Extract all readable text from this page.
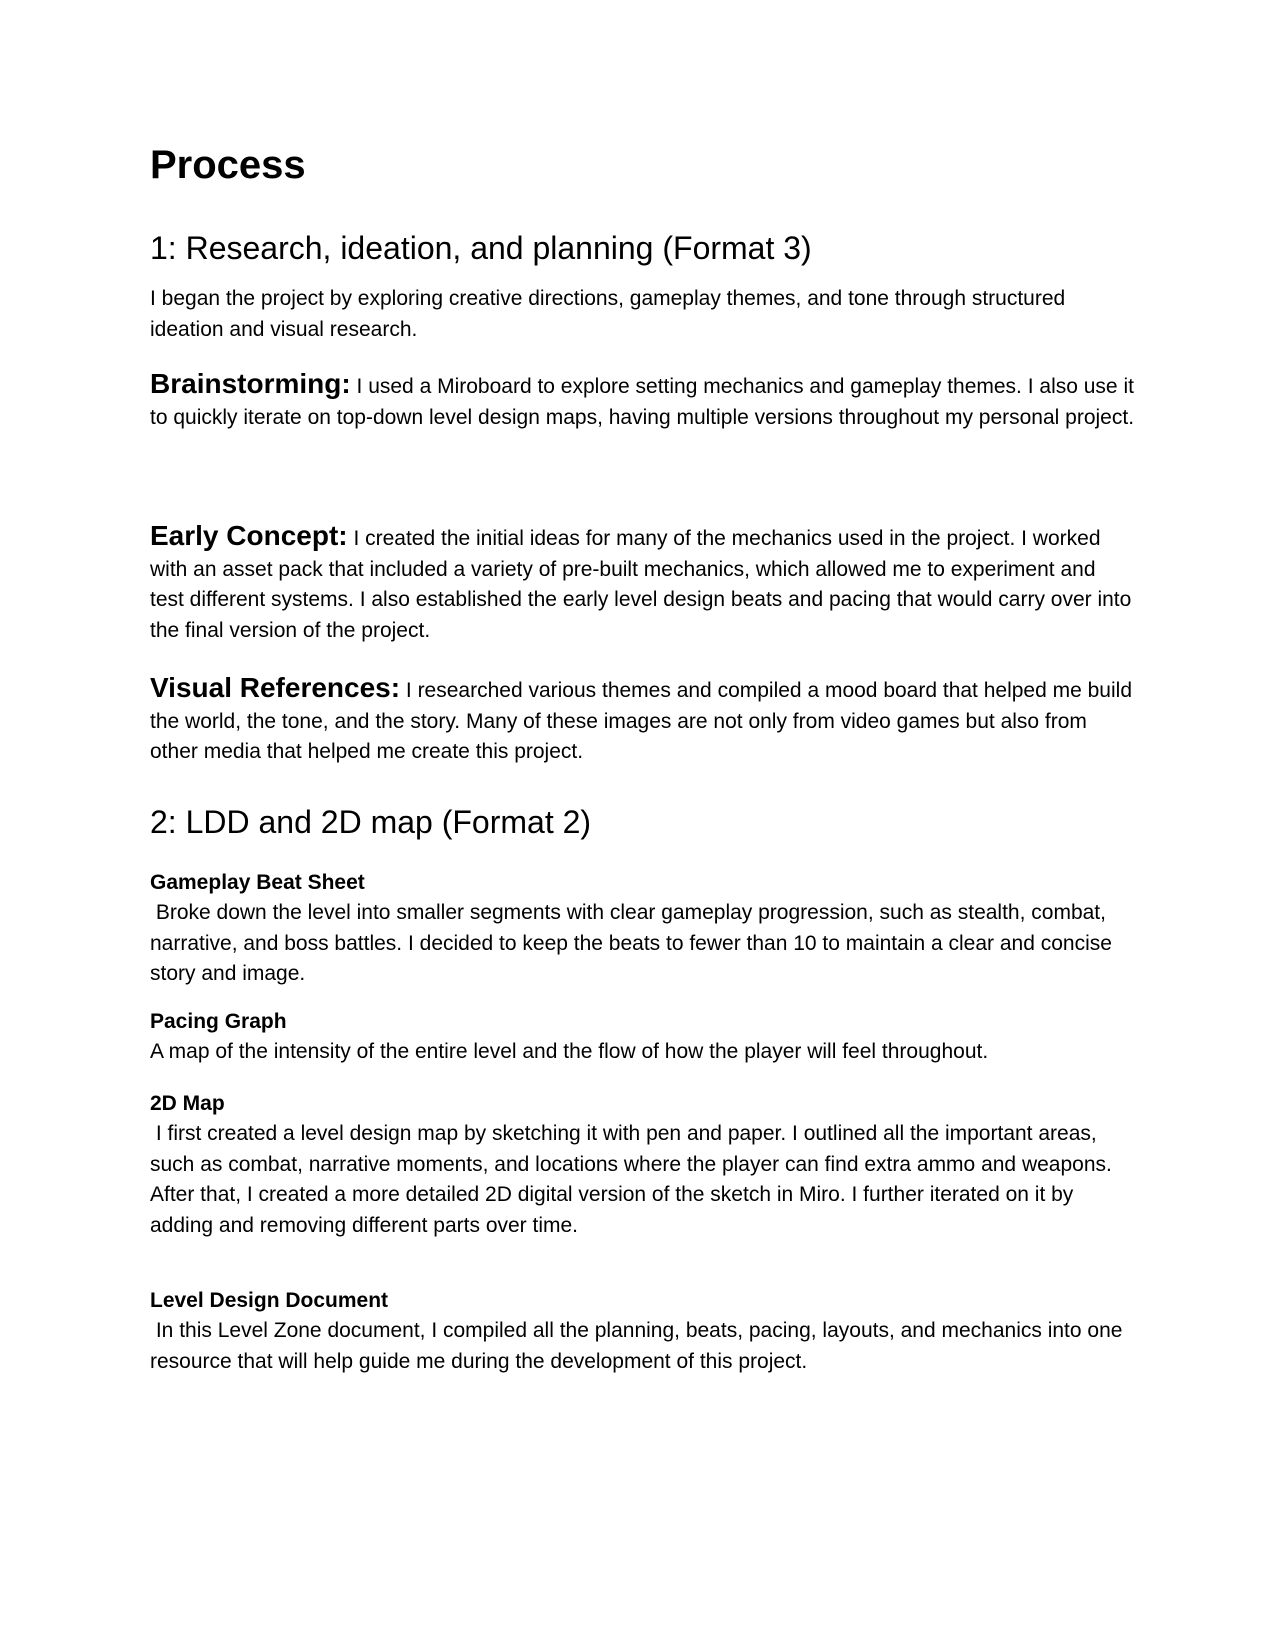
Process
1: Research, ideation, and planning (Format 3)

I began the project by exploring creative directions, gameplay themes, and tone through structured ideation and visual research.

Brainstorming: I used a Miroboard to explore setting mechanics and gameplay themes. I also use it to quickly iterate on top-down level design maps, having multiple versions throughout my personal project.

Early Concept: I created the initial ideas for many of the mechanics used in the project. I worked with an asset pack that included a variety of pre-built mechanics, which allowed me to experiment and test different systems. I also established the early level design beats and pacing that would carry over into the final version of the project.

Visual References: I researched various themes and compiled a mood board that helped me build the world, the tone, and the story. Many of these images are not only from video games but also from other media that helped me create this project.

2: LDD and 2D map (Format 2)
Gameplay Beat Sheet
Broke down the level into smaller segments with clear gameplay progression, such as stealth, combat, narrative, and boss battles. I decided to keep the beats to fewer than 10 to maintain a clear and concise story and image.
Pacing Graph
A map of the intensity of the entire level and the flow of how the player will feel throughout.
2D Map
I first created a level design map by sketching it with pen and paper. I outlined all the important areas, such as combat, narrative moments, and locations where the player can find extra ammo and weapons. After that, I created a more detailed 2D digital version of the sketch in Miro. I further iterated on it by adding and removing different parts over time.
Level Design Document
In this Level Zone document, I compiled all the planning, beats, pacing, layouts, and mechanics into one resource that will help guide me during the development of this project.
